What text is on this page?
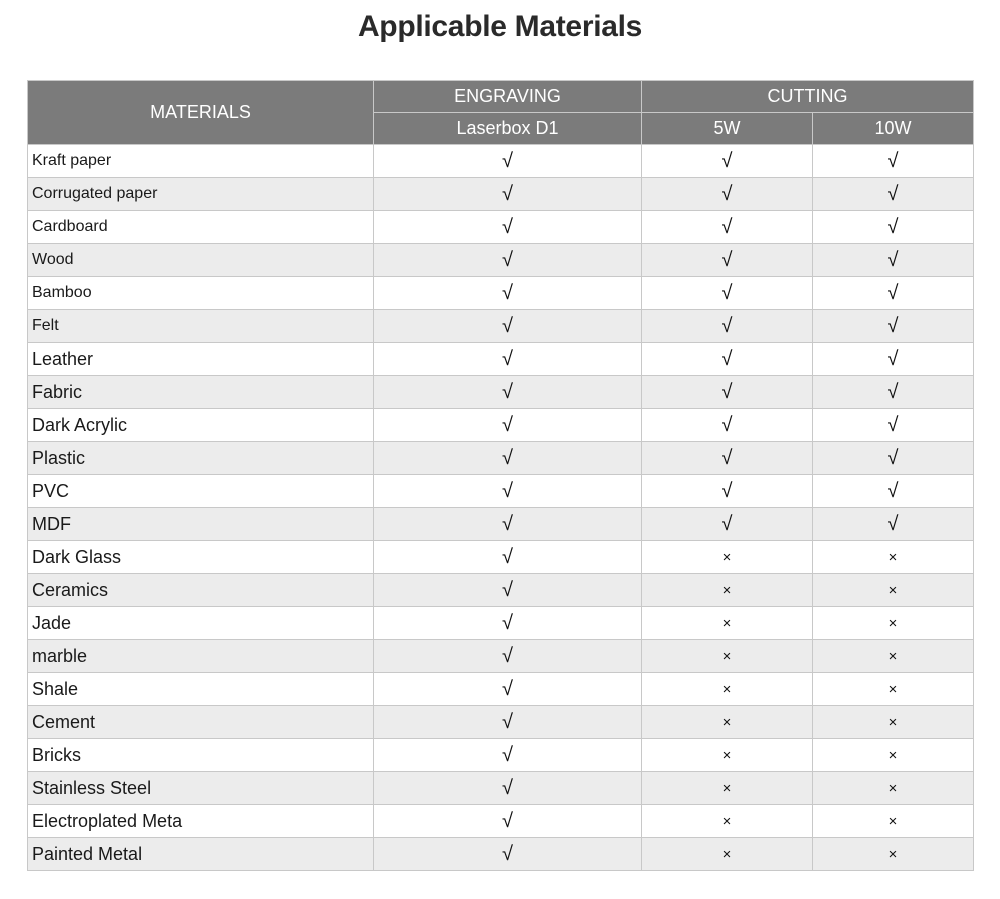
Applicable Materials
MATERIALS	ENGRAVING	CUTTING	
	Laserbox D1	5W	10W
Kraft paper	√	√	√
Corrugated paper	√	√	√
Cardboard	√	√	√
Wood	√	√	√
Bamboo	√	√	√
Felt	√	√	√
Leather	√	√	√
Fabric	√	√	√
Dark Acrylic	√	√	√
Plastic	√	√	√
PVC	√	√	√
MDF	√	√	√
Dark Glass	√	×	×
Ceramics	√	×	×
Jade	√	×	×
marble	√	×	×
Shale	√	×	×
Cement	√	×	×
Bricks	√	×	×
Stainless Steel	√	×	×
Electroplated Meta	√	×	×
Painted Metal	√	×	×
